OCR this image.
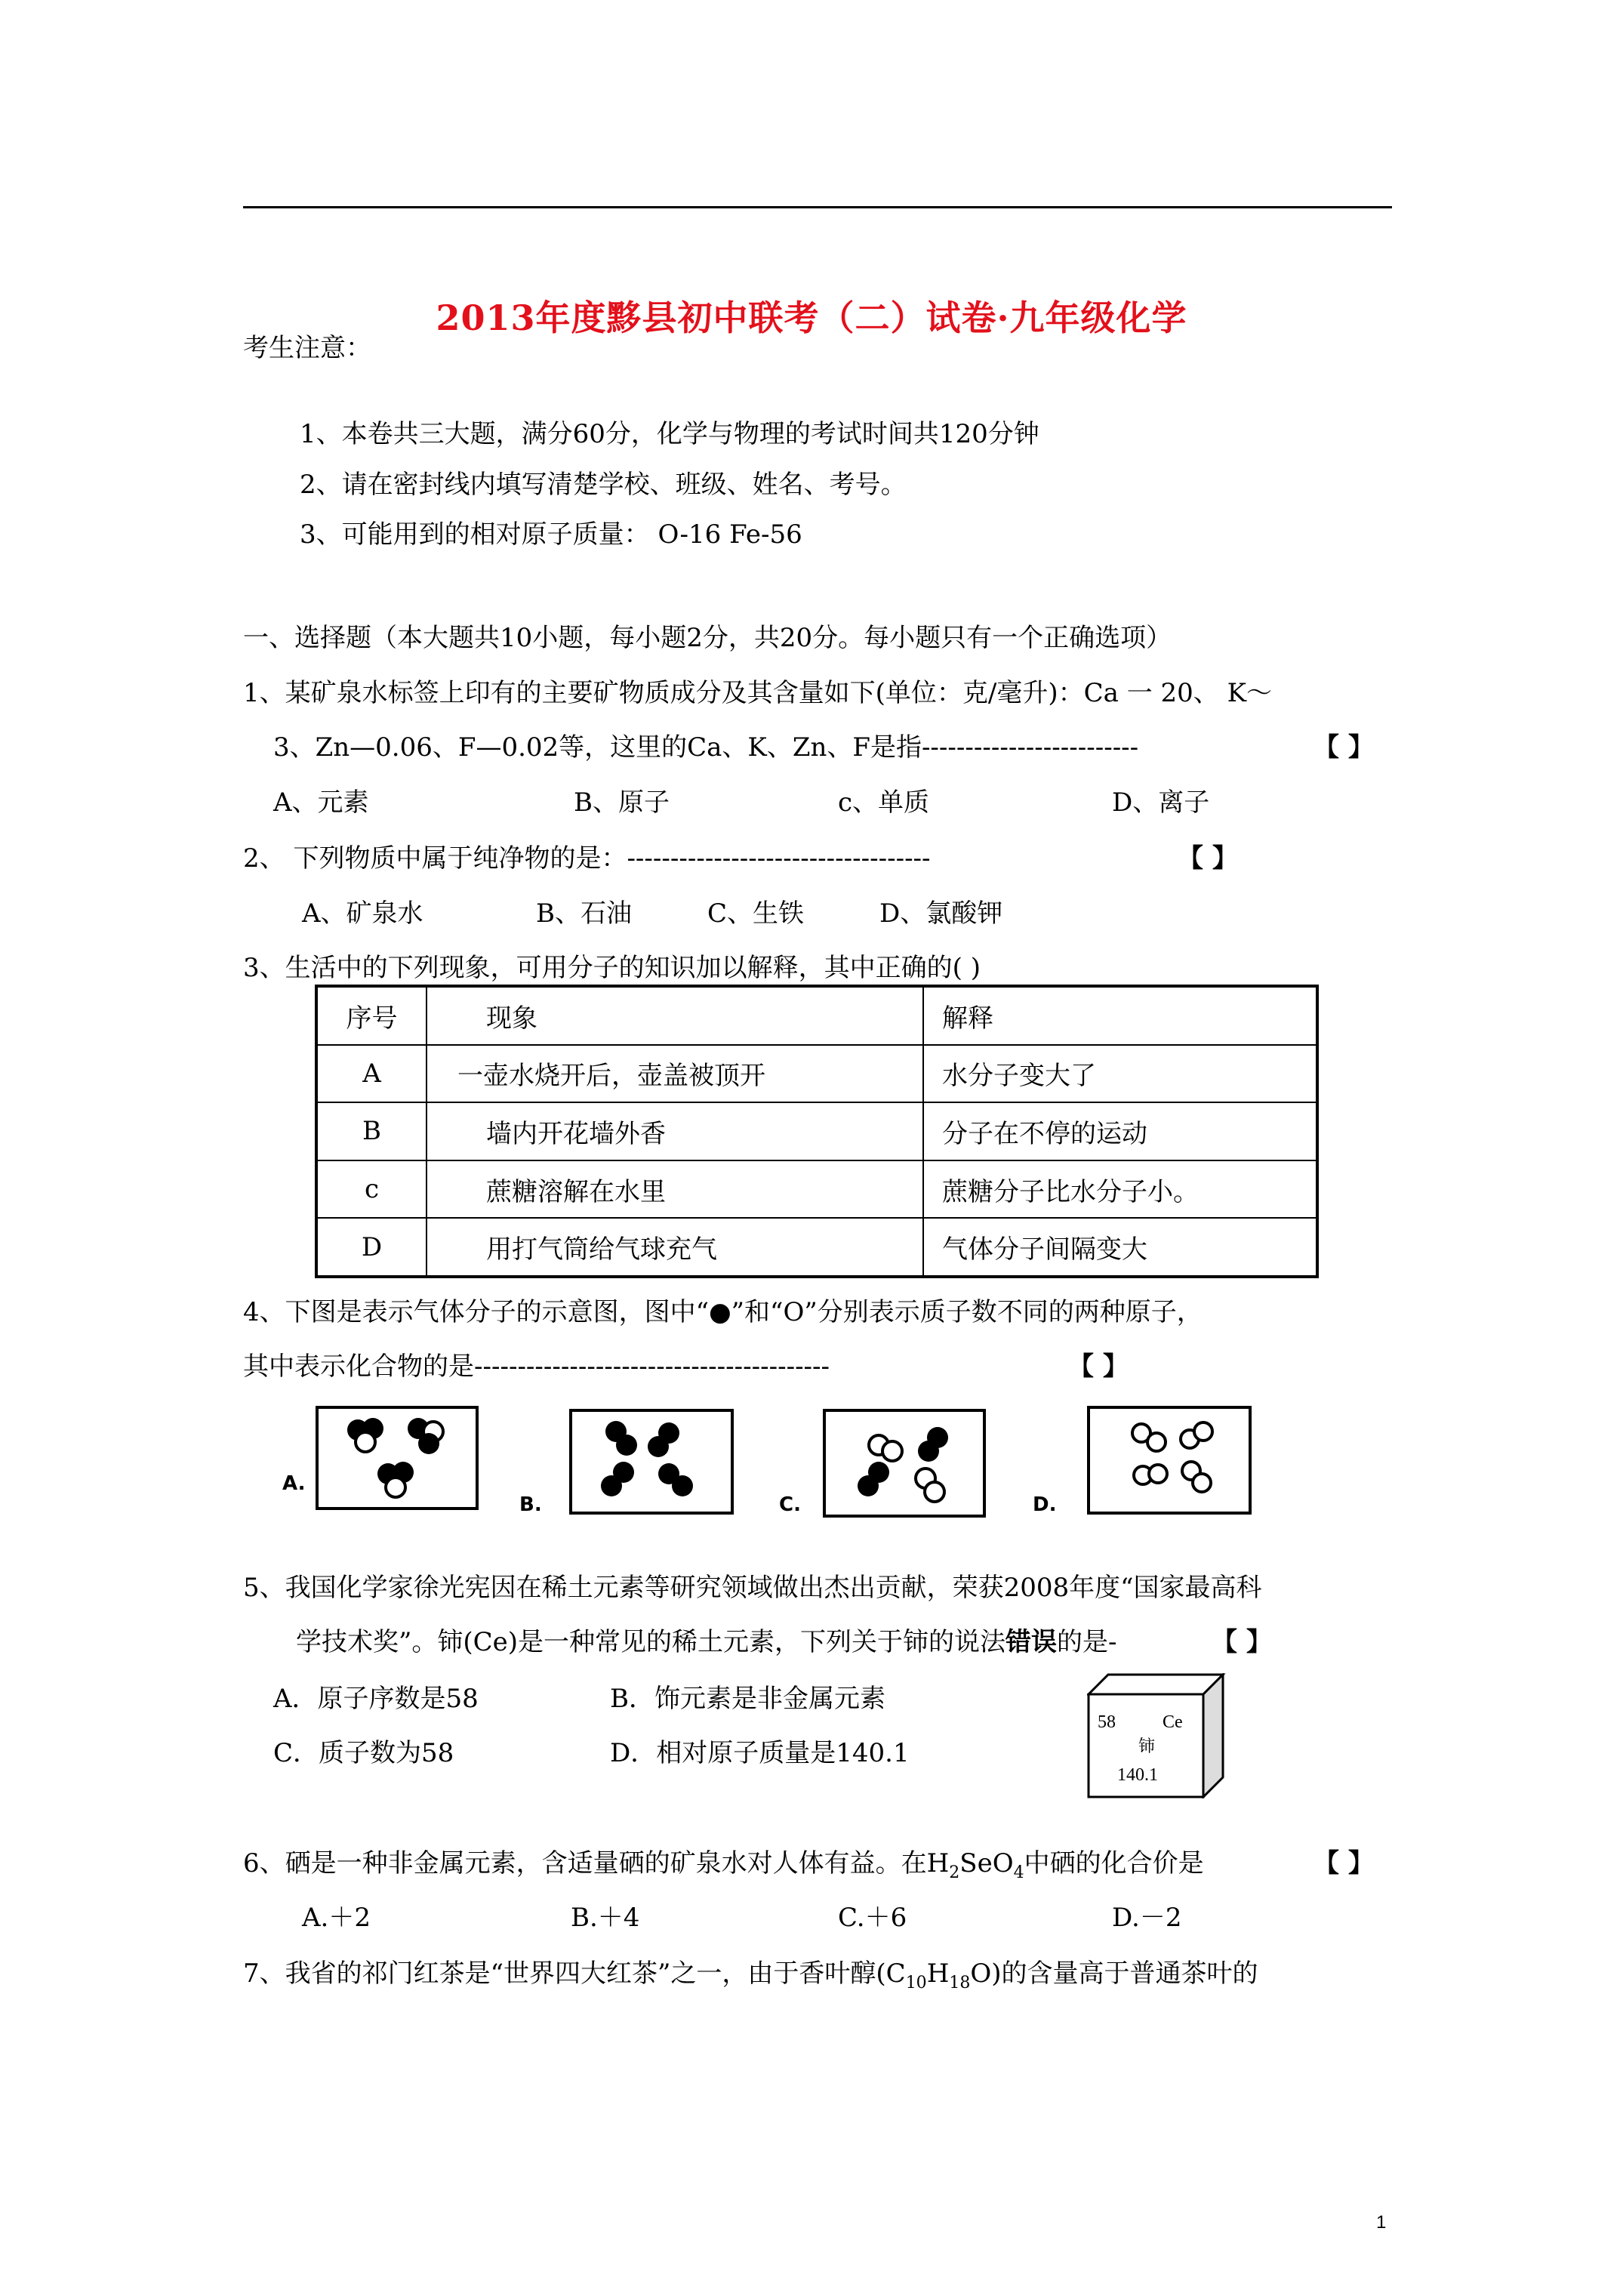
2013年度黟县初中联考（二）试卷·九年级化学
考生注意：
1、本卷共三大题，满分60分，化学与物理的考试时间共120分钟
2、请在密封线内填写清楚学校、班级、姓名、考号。
3、可能用到的相对原子质量： O-16 Fe-56
一、选择题（本大题共10小题，每小题2分，共20分。每小题只有一个正确选项）
1、某矿泉水标签上印有的主要矿物质成分及其含量如下(单位：克/毫升)：Ca 一 20、 K～
3、Zn—0.06、F—0.02等，这里的Ca、K、Zn、F是指-------------------------	【 】
A、元素	B、原子	c、单质	D、离子
2、 下列物质中属于纯净物的是：-----------------------------------	【 】
A、矿泉水	B、石油	C、生铁	D、氯酸钾
3、生活中的下列现象，可用分子的知识加以解释，其中正确的( )
序号	现象	解释
A	一壶水烧开后，壶盖被顶开	水分子变大了
B	墙内开花墙外香	分子在不停的运动
c	蔗糖溶解在水里	蔗糖分子比水分子小。
D	用打气筒给气球充气	气体分子间隔变大
4、下图是表示气体分子的示意图，图中“●”和“O”分别表示质子数不同的两种原子，
其中表示化合物的是-----------------------------------------	【 】
A.
B.	C.	D.
5、我国化学家徐光宪因在稀土元素等研究领域做出杰出贡献，荣获2008年度“国家最高科
学技术奖”。铈(Ce)是一种常见的稀土元素，下列关于铈的说法错误的是-	【 】
A．原子序数是58	B．饰元素是非金属元素
C．质子数为58	D．相对原子质量是140.1
58	Ce
铈
140.1
6、硒是一种非金属元素，含适量硒的矿泉水对人体有益。在$H_2SeO_4$中硒的化合价是	【 】
A.＋2	B.＋4	C.＋6	D.－2
7、我省的祁门红茶是“世界四大红茶”之一，由于香叶醇$(C_{10}H_{18}O)$的含量高于普通茶叶的
1
